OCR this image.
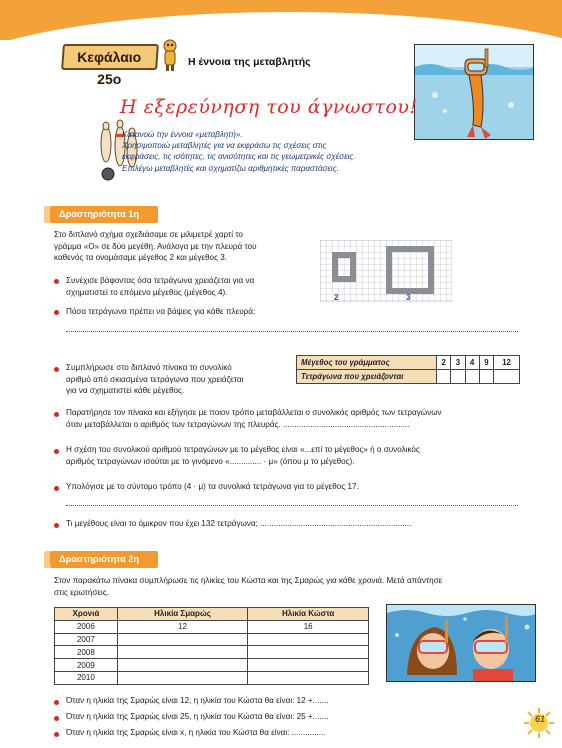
Κεφάλαιο 25ο
Η έννοια της μεταβλητής
Η εξερεύνηση του άγνωστου!
Κατανοώ την έννοια «μεταβλητή».
Χρησιμοποιώ μεταβλητές για να εκφράσω τις σχέσεις στις
εκφράσεις, τις ισότητες, τις ανισότητες και τις γεωμετρικές σχέσεις.
Επιλέγω μεταβλητές και σχηματίζω αριθμητικές παραστάσεις.
Δραστηριότητα 1η
Στο διπλανό σχήμα σχεδιάσαμε σε μιλιμετρέ χαρτί το
γράμμα «Ο» σε δύο μεγέθη. Ανάλογα με την πλευρά του
καθενός τα ονομάσαμε μέγεθος 2 και μέγεθος 3.
2	3
Συνέχισε βάφοντας όσα τετράγωνα χρειάζεται για να
σχηματιστεί το επόμενο μέγεθος (μέγεθος 4).
Πόσα τετράγωνα πρέπει να βάψεις για κάθε πλευρά;
Συμπλήρωσε στο διπλανό πίνακα το συνολικό
αριθμό από σκιασμένα τετράγωνα που χρειάζεται
για να σχηματιστεί κάθε μέγεθος.
Μέγεθος του γράμματος	2	3	4	9	12
Τετράγωνα που χρειάζονται					
Παρατήρησε τον πίνακα και εξήγησε με ποιον τρόπο μεταβάλλεται ο συνολικός αριθμός των τετραγώνων
όταν μεταβάλλεται ο αριθμός των τετραγώνων της πλευράς. ........................................................
Η σχέση του συνολικού αριθμού τετραγώνων με το μέγεθος είναι «...επί το μέγεθος» ή ο συνολικός
αριθμός τετραγώνων ισούται με το γινόμενο «.............. · μ» (όπου μ το μέγεθος).
Υπολόγισε με το σύντομο τρόπο (4 · μ) τα συνολικά τετράγωνα για το μέγεθος 17.
Τι μεγέθους είναι το όμικρον που έχει 132 τετράγωνα; ...................................................................
Δραστηριότητα 2η
Στον παρακάτω πίνακα συμπλήρωσε τις ηλικίες του Κώστα και της Σμαρώς για κάθε χρονιά. Μετά απάντησε
στις ερωτήσεις.
Χρονιά	Ηλικία Σμαρώς	Ηλικία Κώστα
2006	12	16
2007		
2008		
2009		
2010		
Όταν η ηλικία της Σμαρώς είναι 12, η ηλικία του Κώστα θα είναι: 12 +.......
Όταν η ηλικία της Σμαρώς είναι 25, η ηλικία του Κώστα θα είναι: 25 +.......
Όταν η ηλικία της Σμαρώς είναι x, η ηλικία του Κώστα θα είναι: ...............
61
